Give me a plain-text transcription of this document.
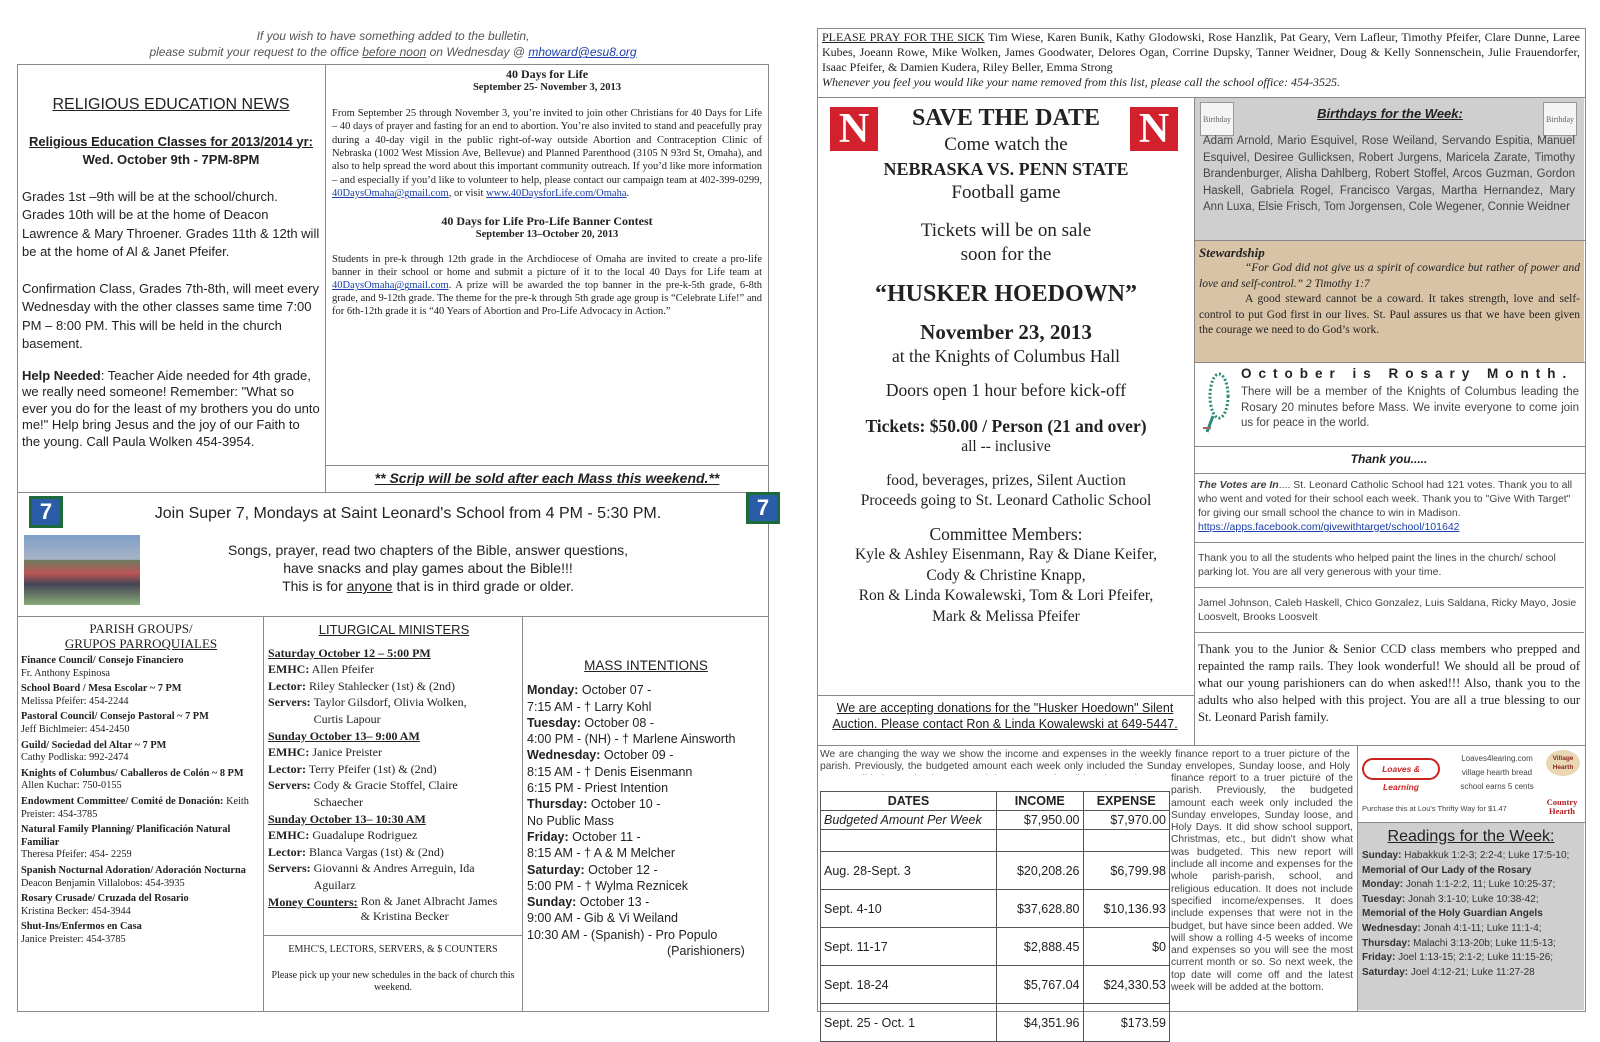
If you wish to have something added to the bulletin,
please submit your request to the office before noon on Wednesday @ mhoward@esu8.org
RELIGIOUS EDUCATION NEWS
Religious Education Classes for 2013/2014 yr:
Wed. October 9th - 7PM-8PM

Grades 1st –9th will be at the school/church. Grades 10th will be at the home of Deacon Lawrence & Mary Throener. Grades 11th & 12th will be at the home of Al & Janet Pfeifer.

Confirmation Class, Grades 7th-8th, will meet every Wednesday with the other classes same time 7:00 PM – 8:00 PM. This will be held in the church basement.

Help Needed: Teacher Aide needed for 4th grade, we really need someone! Remember: "What so ever you do for the least of my brothers you do unto me!" Help bring Jesus and the joy of our Faith to the young. Call Paula Wolken 454-3954.

40 Days for Life
September 25- November 3, 2013

From September 25 through November 3, you’re invited to join other Christians for 40 Days for Life – 40 days of prayer and fasting for an end to abortion. You’re also invited to stand and peacefully pray during a 40-day vigil in the public right-of-way outside Abortion and Contraception Clinic of Nebraska (1002 West Mission Ave, Bellevue) and Planned Parenthood (3105 N 93rd St, Omaha), and also to help spread the word about this important community outreach. If you’d like more information – and especially if you’d like to volunteer to help, please contact our campaign team at 402-399-0299, 40DaysOmaha@gmail.com, or visit www.40DaysforLife.com/Omaha.

40 Days for Life Pro-Life Banner Contest
September 13–October 20, 2013

Students in pre-k through 12th grade in the Archdiocese of Omaha are invited to create a pro-life banner in their school or home and submit a picture of it to the local 40 Days for Life team at 40DaysOmaha@gmail.com. A prize will be awarded the top banner in the pre-k-5th grade, 6-8th grade, and 9-12th grade. The theme for the pre-k through 5th grade age group is “Celebrate Life!” and for 6th-12th grade it is “40 Years of Abortion and Pro-Life Advocacy in Action.”

** Scrip will be sold after each Mass this weekend.**
7	7
Join Super 7, Mondays at Saint Leonard's School from 4 PM - 5:30 PM.
Songs, prayer, read two chapters of the Bible, answer questions,
have snacks and play games about the Bible!!!
This is for anyone that is in third grade or older.
PARISH GROUPS/
GRUPOS PARROQUIALES
Finance Council/ Consejo Financiero
Fr. Anthony Espinosa
School Board / Mesa Escolar ~ 7 PM
Melissa Pfeifer: 454-2244
Pastoral Council/ Consejo Pastoral ~ 7 PM
Jeff Bichlmeier: 454-2450
Guild/ Sociedad del Altar ~ 7 PM
Cathy Podliska: 992-2474
Knights of Columbus/ Caballeros de Colón ~ 8 PM
Allen Kuchar: 750-0155
Endowment Committee/ Comité de Donación: Keith Preister: 454-3785
Natural Family Planning/ Planificación Natural Familiar
Theresa Pfeifer: 454- 2259
Spanish Nocturnal Adoration/ Adoración Nocturna
Deacon Benjamin Villalobos: 454-3935
Rosary Crusade/ Cruzada del Rosario
Kristina Becker: 454-3944
Shut-Ins/Enfermos en Casa
Janice Preister: 454-3785
LITURGICAL MINISTERS
Saturday October 12 – 5:00 PM
EMHC: Allen Pfeifer
Lector: Riley Stahlecker (1st) & (2nd)
Servers: Taylor Gilsdorf, Olivia Wolken, Curtis Lapour
Sunday October 13– 9:00 AM
EMHC: Janice Preister
Lector: Terry Pfeifer (1st) & (2nd)
Servers: Cody & Gracie Stoffel, Claire Schaecher
Sunday October 13– 10:30 AM
EMHC: Guadalupe Rodriguez
Lector: Blanca Vargas (1st) & (2nd)
Servers: Giovanni & Andres Arreguin, Ida Aguilarz
Money Counters: Ron & Janet Albracht James & Kristina Becker
EMHC'S, LECTORS, SERVERS, & $ COUNTERS
Please pick up your new schedules in the back of church this weekend.
MASS INTENTIONS
Monday: October 07 -
7:15 AM - † Larry Kohl
Tuesday: October 08 -
4:00 PM - (NH) - † Marlene Ainsworth
Wednesday: October 09 -
8:15 AM - † Denis Eisenmann
6:15 PM - Priest Intention
Thursday: October 10 -
No Public Mass
Friday: October 11 -
8:15 AM - † A & M Melcher
Saturday: October 12 -
5:00 PM - † Wylma Reznicek
Sunday: October 13 -
9:00 AM - Gib & Vi Weiland
10:30 AM - (Spanish) - Pro Populo
(Parishioners)
PLEASE PRAY FOR THE SICK Tim Wiese, Karen Bunik, Kathy Glodowski, Rose Hanzlik, Pat Geary, Vern Lafleur, Timothy Pfeifer, Clare Dunne, Laree Kubes, Joeann Rowe, Mike Wolken, James Goodwater, Delores Ogan, Corrine Dupsky, Tanner Weidner, Doug & Kelly Sonnenschein, Julie Frauendorfer, Isaac Pfeifer, & Damien Kudera, Riley Beller, Emma Strong
Whenever you feel you would like your name removed from this list, please call the school office: 454-3525.
N	N
SAVE THE DATE
Come watch the
NEBRASKA VS. PENN STATE
Football game
Tickets will be on sale
soon for the
“HUSKER HOEDOWN”
November 23, 2013
at the Knights of Columbus Hall
Doors open 1 hour before kick-off
Tickets: $50.00 / Person (21 and over)
all -- inclusive
food, beverages, prizes, Silent Auction
Proceeds going to St. Leonard Catholic School
Committee Members:
Kyle & Ashley Eisenmann, Ray & Diane Keifer,
Cody & Christine Knapp,
Ron & Linda Kowalewski, Tom & Lori Pfeifer,
Mark & Melissa Pfeifer
We are accepting donations for the "Husker Hoedown" Silent Auction. Please contact Ron & Linda Kowalewski at 649-5447.
Birthday	Birthday
Birthdays for the Week:
Adam Arnold, Mario Esquivel, Rose Weiland, Servando Espitia, Manuel Esquivel, Desiree Gullicksen, Robert Jurgens, Maricela Zarate, Timothy Brandenburger, Alisha Dahlberg, Robert Stoffel, Arcos Guzman, Gordon Haskell, Gabriela Rogel, Francisco Vargas, Martha Hernandez, Mary Ann Luxa, Elsie Frisch, Tom Jorgensen, Cole Wegener, Connie Weidner
Stewardship

“For God did not give us a spirit of cowardice but rather of power and love and self-control.” 2 Timothy 1:7

A good steward cannot be a coward. It takes strength, love and self-control to put God first in our lives. St. Paul assures us that we have been given the courage we need to do God’s work.

October is Rosary Month.
There will be a member of the Knights of Columbus leading the Rosary 20 minutes before Mass. We invite everyone to come join us for peace in the world.
Thank you.....

The Votes are In.... St. Leonard Catholic School had 121 votes. Thank you to all who went and voted for their school each week. Thank you to "Give With Target" for giving our small school the chance to win in Madison.
https://apps.facebook.com/givewithtarget/school/101642

Thank you to all the students who helped paint the lines in the church/ school parking lot. You are all very generous with your time.

Jamel Johnson, Caleb Haskell, Chico Gonzalez, Luis Saldana, Ricky Mayo, Josie Loosvelt, Brooks Loosvelt

Thank you to the Junior & Senior CCD class members who prepped and repainted the ramp rails. They look wonderful! We should all be proud of what our young parishioners can do when asked!!! Also, thank you to the adults who also helped with this project. You are all a true blessing to our St. Leonard Parish family.

We are changing the way we show the income and expenses in the weekly finance report to a truer picture of the parish. Previously, the budgeted amount each week only included the Sunday envelopes, Sunday loose, and Holy
finance report to a truer picture of the parish. Previously, the budgeted amount each week only included the Sunday envelopes, Sunday loose, and Holy Days. It did show school support, Christmas, etc., but didn't show what was budgeted. This new report will include all income and expenses for the whole parish-parish, school, and religious education. It does not include specified income/expenses. It does include expenses that were not in the budget, but have since been added. We will show a rolling 4-5 weeks of income and expenses so you will see the most current month or so. So next week, the top date will come off and the latest week will be added at the bottom.
DATES	INCOME	EXPENSE
Budgeted Amount Per Week	$7,950.00	$7,970.00

Aug. 28-Sept. 3	$20,208.26	$6,799.98
Sept. 4-10	$37,628.80	$10,136.93
Sept. 11-17	$2,888.45	$0
Sept. 18-24	$5,767.04	$24,330.53
Sept. 25 - Oct. 1	$4,351.96	$173.59
Loaves & Learning
Loaves4learing.com
village hearth bread
school earns 5 cents
Village Hearth
Purchase this at Lou's Thrifty Way for $1.47
Country Hearth
Readings for the Week:
Sunday: Habakkuk 1:2-3; 2:2-4; Luke 17:5-10;
Memorial of Our Lady of the Rosary
Monday: Jonah 1:1-2:2, 11; Luke 10:25-37;
Tuesday: Jonah 3:1-10; Luke 10:38-42;
Memorial of the Holy Guardian Angels
Wednesday: Jonah 4:1-11; Luke 11:1-4;
Thursday: Malachi 3:13-20b; Luke 11:5-13;
Friday: Joel 1:13-15; 2:1-2; Luke 11:15-26;
Saturday: Joel 4:12-21; Luke 11:27-28
